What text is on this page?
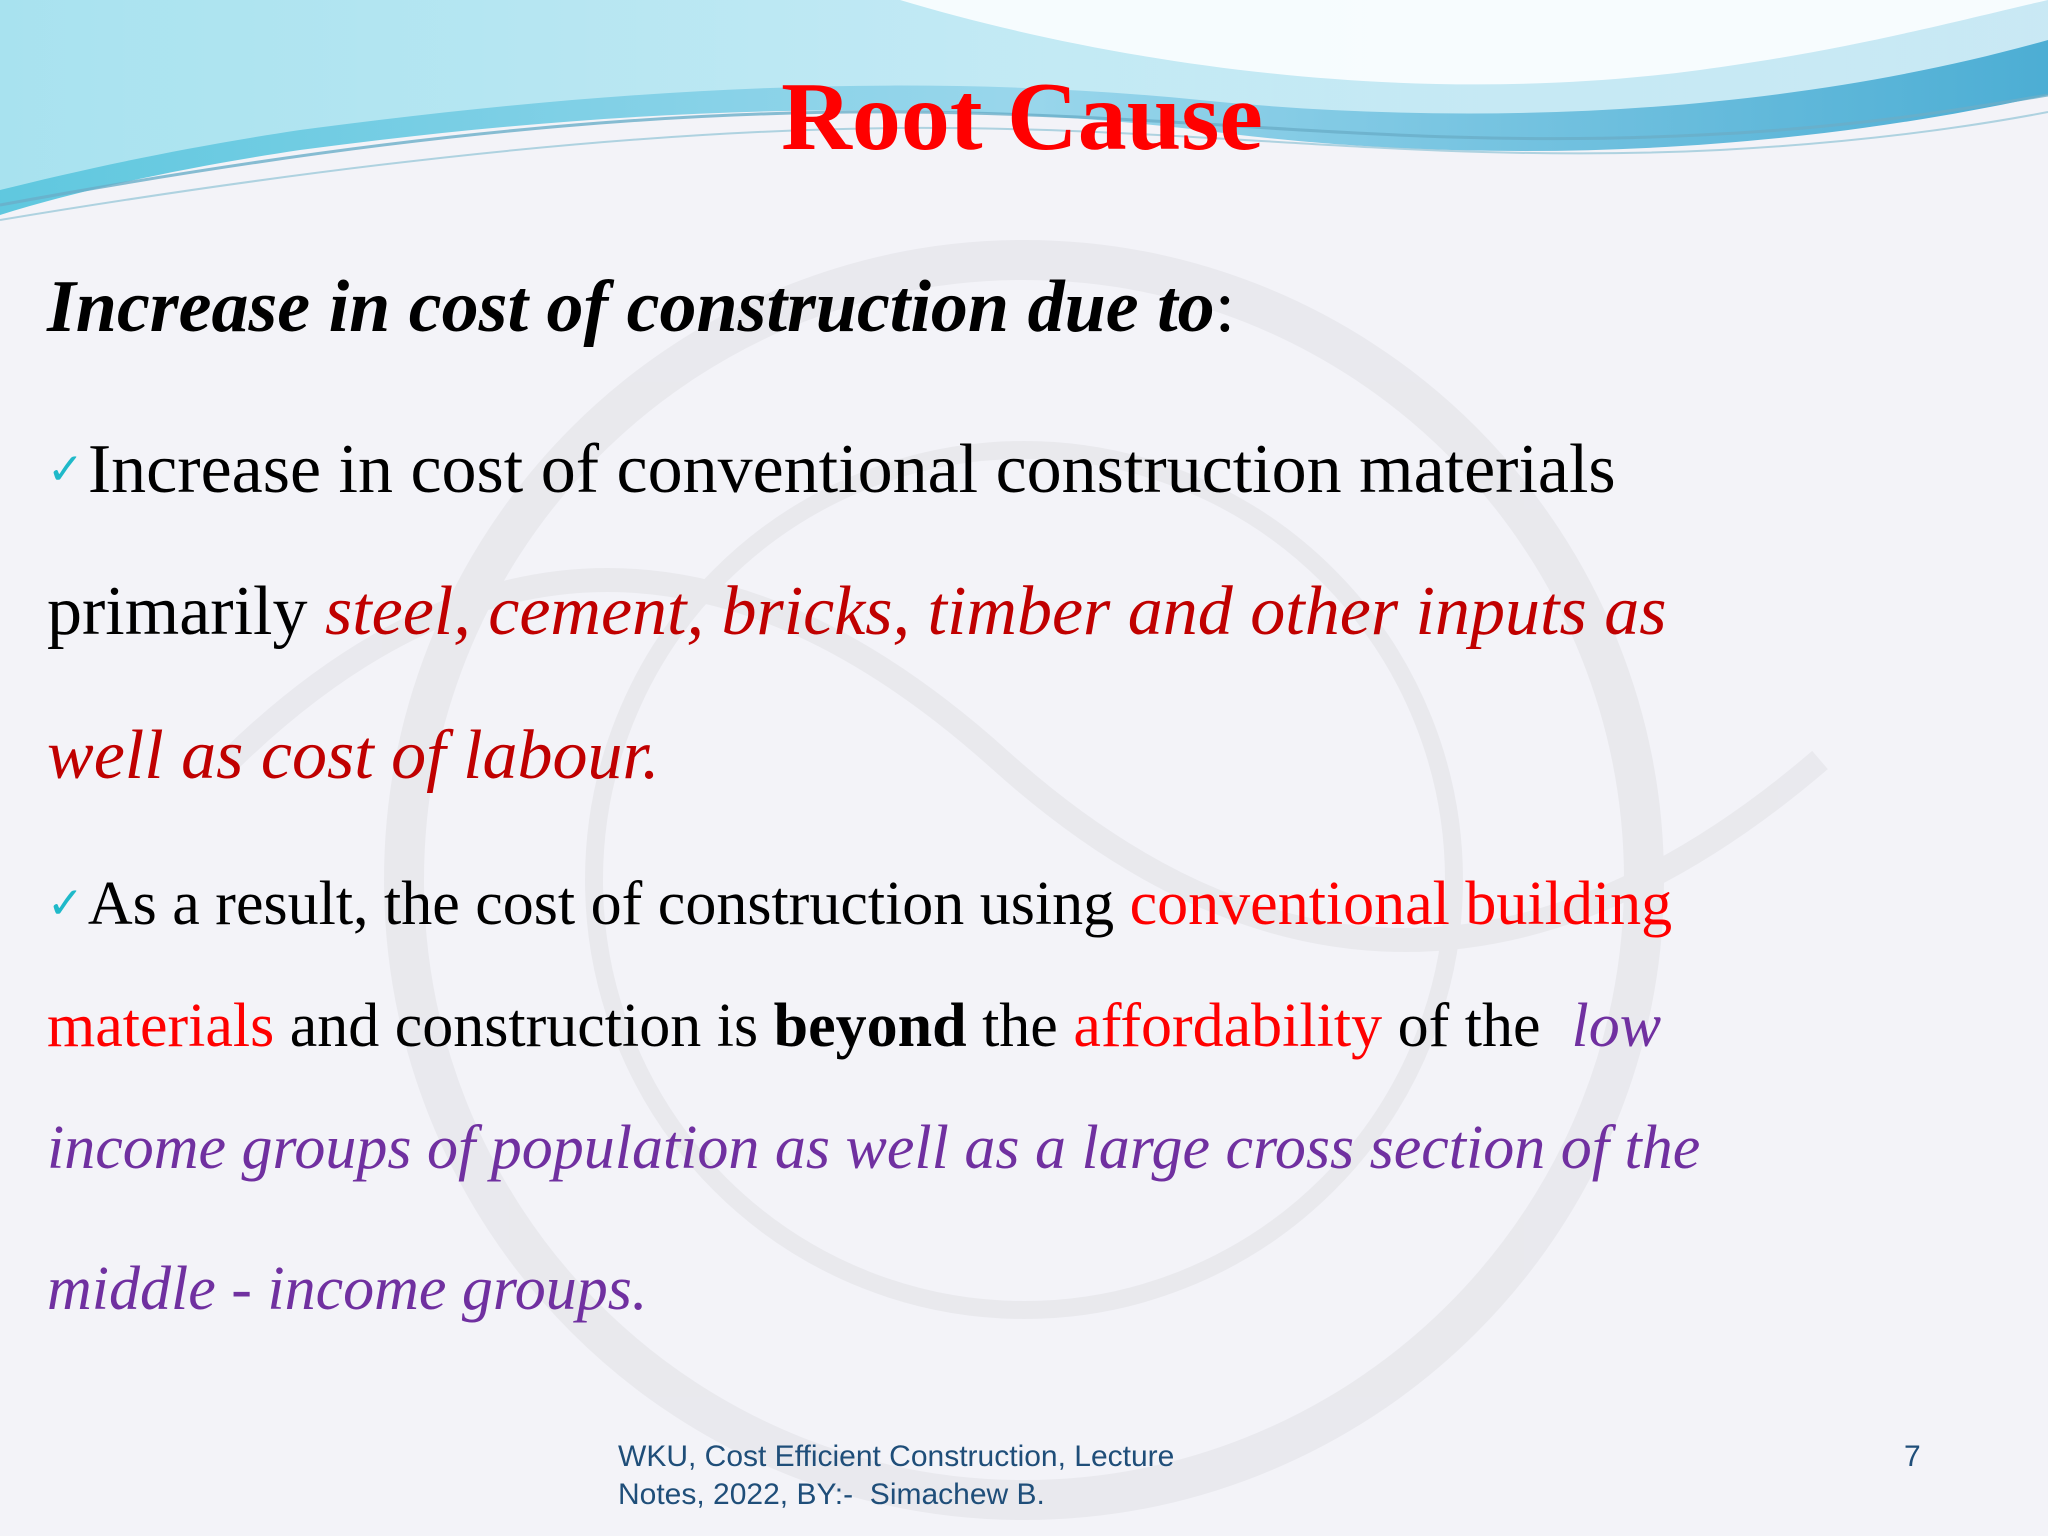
Root Cause
Increase in cost of construction due to:
✓Increase in cost of conventional construction materials
primarily steel, cement, bricks, timber and other inputs as
well as cost of labour.
✓As a result, the cost of construction using conventional building
materials and construction is beyond the affordability of the  low
income groups of population as well as a large cross section of the
middle - income groups.
WKU, Cost Efficient Construction, Lecture
Notes, 2022, BY:-  Simachew B.
7
